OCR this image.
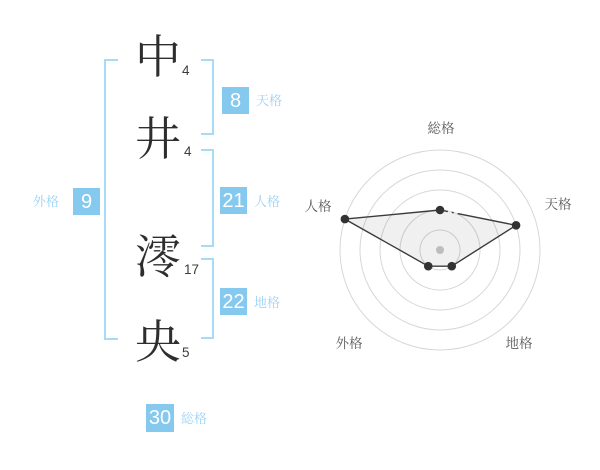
中
井
澪
央
4
4
17
5
8	天格
21 人格
22 地格
外格	9
30 総格
総格
天格
地格
外格
人格
